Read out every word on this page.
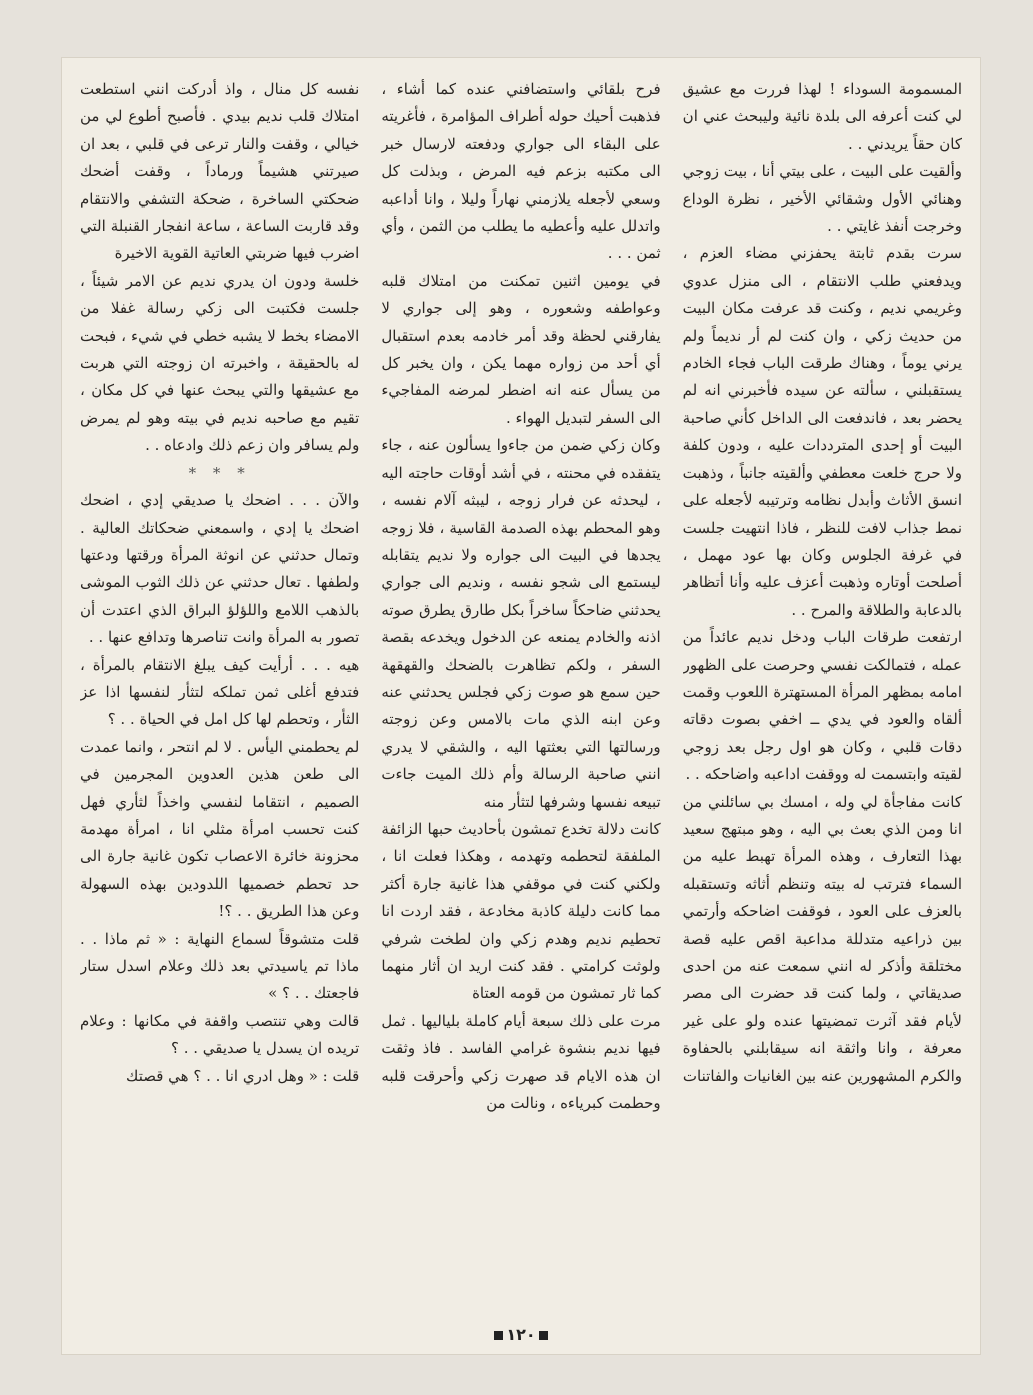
المسمومة السوداء ! لهذا فررت مع عشيق لي كنت أعرفه الى بلدة نائية وليبحث عني ان كان حقاً يريدني . .

وألقيت على البيت ، على بيتي أنا ، بيت زوجي وهنائي الأول وشقائي الأخير ، نظرة الوداع وخرجت أنفذ غايتي . .

سرت بقدم ثابتة يحفزني مضاء العزم ، ويدفعني طلب الانتقام ، الى منزل عدوي وغريمي نديم ، وكنت قد عرفت مكان البيت من حديث زكي ، وان كنت لم أر نديماً ولم يرني يوماً ، وهناك طرقت الباب فجاء الخادم يستقبلني ، سألته عن سيده فأخبرني انه لم يحضر بعد ، فاندفعت الى الداخل كأني صاحبة البيت أو إحدى المترددات عليه ، ودون كلفة ولا حرج خلعت معطفي وألقيته جانباً ، وذهبت انسق الأثاث وأبدل نظامه وترتيبه لأجعله على نمط جذاب لافت للنظر ، فاذا انتهيت جلست في غرفة الجلوس وكان بها عود مهمل ، أصلحت أوتاره وذهبت أعزف عليه وأنا أتظاهر بالدعابة والطلاقة والمرح . .

ارتفعت طرقات الباب ودخل نديم عائداً من عمله ، فتمالكت نفسي وحرصت على الظهور امامه بمظهر المرأة المستهترة اللعوب وقمت ألقاه والعود في يدي ــ اخفي بصوت دقاته دقات قلبي ، وكان هو اول رجل بعد زوجي لقيته وابتسمت له ووقفت اداعبه واضاحكه . .

كانت مفاجأة لي وله ، امسك بي سائلني من انا ومن الذي بعث بي اليه ، وهو مبتهج سعيد بهذا التعارف ، وهذه المرأة تهبط عليه من السماء فترتب له بيته وتنظم أثاثه وتستقبله بالعزف على العود ، فوقفت اضاحكه وأرتمي بين ذراعيه متدللة مداعبة اقص عليه قصة مختلقة وأذكر له انني سمعت عنه من احدى صديقاتي ، ولما كنت قد حضرت الى مصر لأيام فقد آثرت تمضيتها عنده ولو على غير معرفة ، وانا واثقة انه سيقابلني بالحفاوة والكرم المشهورين عنه بين الغانيات والفاتنات

فرح بلقائي واستضافني عنده كما أشاء ، فذهبت أحيك حوله أطراف المؤامرة ، فأغريته على البقاء الى جواري ودفعته لارسال خبر الى مكتبه بزعم فيه المرض ، وبذلت كل وسعي لأجعله يلازمني نهاراً وليلا ، وانا أداعبه واتدلل عليه وأعطيه ما يطلب من الثمن ، وأي ثمن . . .

في يومين اثنين تمكنت من امتلاك قلبه وعواطفه وشعوره ، وهو إلى جواري لا يفارقني لحظة وقد أمر خادمه بعدم استقبال أي أحد من زواره مهما يكن ، وان يخبر كل من يسأل عنه انه اضطر لمرضه المفاجيء الى السفر لتبديل الهواء .

وكان زكي ضمن من جاءوا يسألون عنه ، جاء يتفقده في محنته ، في أشد أوقات حاجته اليه ، ليحدثه عن فرار زوجه ، ليبثه آلام نفسه ، وهو المحطم بهذه الصدمة القاسية ، فلا زوجه يجدها في البيت الى جواره ولا نديم يتقابله ليستمع الى شجو نفسه ، ونديم الى جواري يحدثني ضاحكاً ساخراً بكل طارق يطرق صوته اذنه والخادم يمنعه عن الدخول ويخدعه بقصة السفر ، ولكم تظاهرت بالضحك والقهقهة حين سمع هو صوت زكي فجلس يحدثني عنه وعن ابنه الذي مات بالامس وعن زوجته ورسالتها التي بعثتها اليه ، والشقي لا يدري انني صاحبة الرسالة وأم ذلك الميت جاءت تبيعه نفسها وشرفها لتثأر منه

كانت دلالة تخدع تمشون بأحاديث حبها الزائفة الملفقة لتحطمه وتهدمه ، وهكذا فعلت انا ، ولكني كنت في موقفي هذا غانية جارة أكثر مما كانت دليلة كاذبة مخادعة ، فقد اردت انا تحطيم نديم وهدم زكي وان لطخت شرفي ولوثت كرامتي . فقد كنت اريد ان أثار منهما كما ثار تمشون من قومه العتاة

مرت على ذلك سبعة أيام كاملة بلياليها . ثمل فيها نديم بنشوة غرامي الفاسد . فاذ وثقت ان هذه الايام قد صهرت زكي وأحرقت قلبه وحطمت كبرياءه ، ونالت من

نفسه كل منال ، واذ أدركت انني استطعت امتلاك قلب نديم بيدي . فأصبح أطوع لي من خيالي ، وقفت والنار ترعى في قلبي ، بعد ان صيرتني هشيماً ورماداً ، وقفت أضحك ضحكتي الساخرة ، ضحكة التشفي والانتقام وقد قاربت الساعة ، ساعة انفجار القنبلة التي اضرب فيها ضربتي العاتية القوية الاخيرة

خلسة ودون ان يدري نديم عن الامر شيئاً ، جلست فكتبت الى زكي رسالة غفلا من الامضاء بخط لا يشبه خطي في شيء ، فبحت له بالحقيقة ، واخبرته ان زوجته التي هربت مع عشيقها والتي يبحث عنها في كل مكان ، تقيم مع صاحبه نديم في بيته وهو لم يمرض ولم يسافر وان زعم ذلك وادعاه . .

* * *

والآن . . . اضحك يا صديقي إدي ، اضحك اضحك يا إدي ، واسمعني ضحكاتك العالية . وتمال حدثني عن انوثة المرأة ورقتها ودعتها ولطفها . تعال حدثني عن ذلك الثوب الموشى بالذهب اللامع واللؤلؤ البراق الذي اعتدت أن تصور به المرأة وانت تناصرها وتدافع عنها . .

هيه . . . أرأيت كيف يبلغ الانتقام بالمرأة ، فتدفع أغلى ثمن تملكه لتثأر لنفسها اذا عز الثأر ، وتحطم لها كل امل في الحياة . . ؟

لم يحطمني اليأس . لا لم انتحر ، وانما عمدت الى طعن هذين العدوين المجرمين في الصميم ، انتقاما لنفسي واخذاً لثأري فهل كنت تحسب امرأة مثلي انا ، امرأة مهدمة محزونة خائرة الاعصاب تكون غانية جارة الى حد تحطم خصميها اللدودين بهذه السهولة وعن هذا الطريق . . ؟!

قلت متشوقاً لسماع النهاية : « ثم ماذا . . ماذا تم ياسيدتي بعد ذلك وعلام اسدل ستار فاجعتك . . ؟ »

قالت وهي تنتصب واقفة في مكانها : وعلام تريده ان يسدل يا صديقي . . ؟

قلت : « وهل ادري انا . . ؟ هي قصتك

١٢٠
